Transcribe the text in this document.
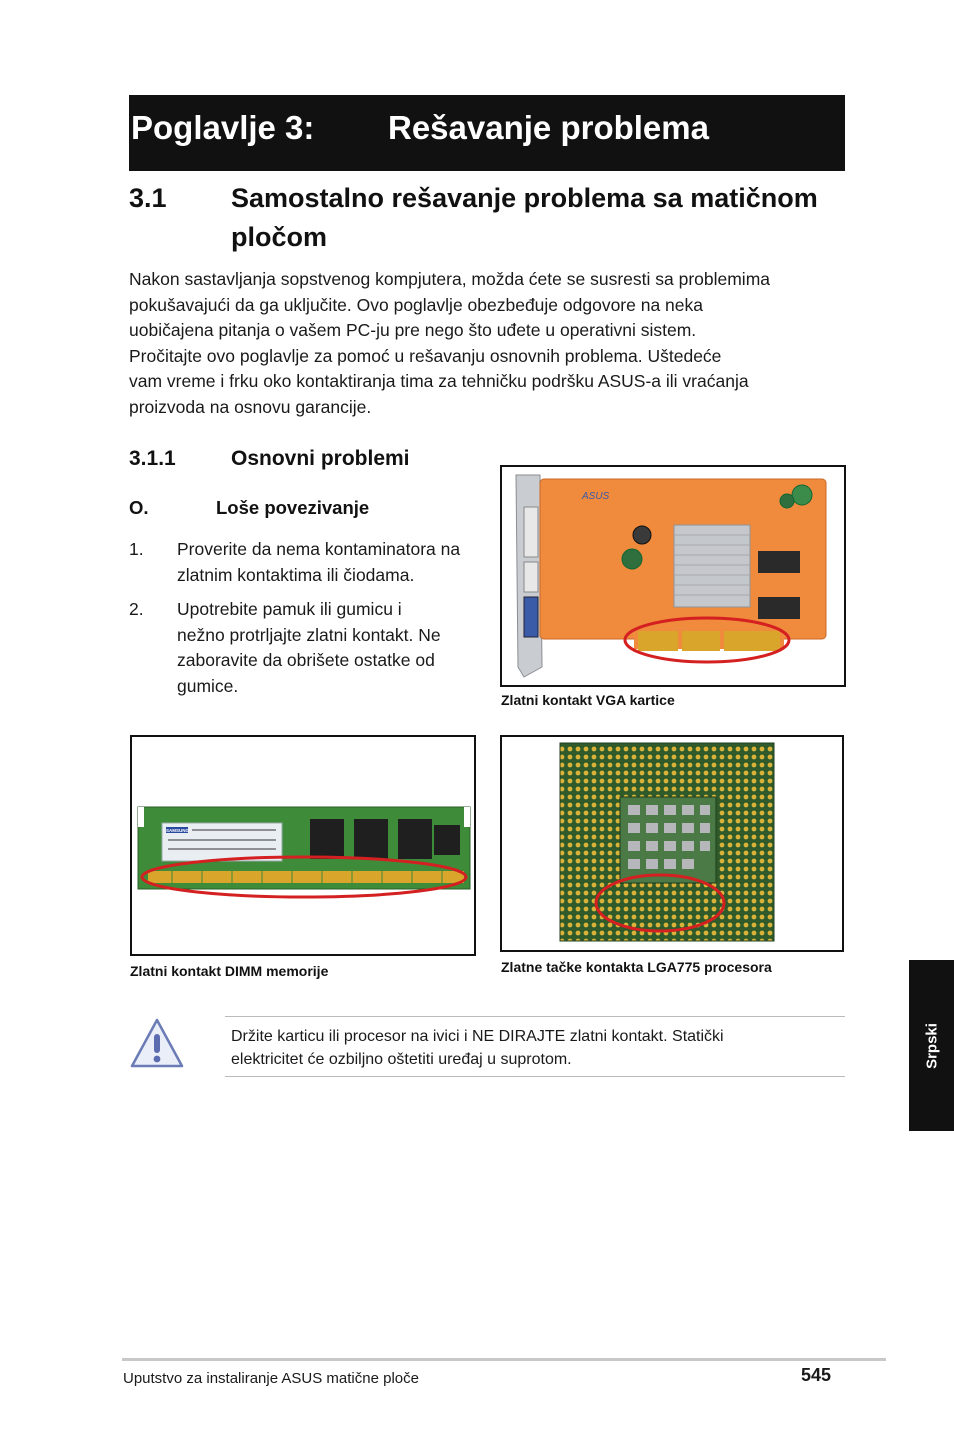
Poglavlje 3: Rešavanje problema
3.1 Samostalno rešavanje problema sa matičnom
pločom
Nakon sastavljanja sopstvenog kompjutera, možda ćete se susresti sa problemima
pokušavajući da ga uključite. Ovo poglavlje obezbeđuje odgovore na neka
uobičajena pitanja o vašem PC-ju pre nego što uđete u operativni sistem.
Pročitajte ovo poglavlje za pomoć u rešavanju osnovnih problema. Uštedeće
vam vreme i frku oko kontaktiranja tima za tehničku podršku ASUS-a ili vraćanja
proizvoda na osnovu garancije.
3.1.1	Osnovni problemi
O.	Loše povezivanje
1. Proverite da nema kontaminatora na
zlatnim kontaktima ili čiodama.
2. Upotrebite pamuk ili gumicu i
nežno protrljajte zlatni kontakt. Ne
zaboravite da obrišete ostatke od
gumice.
ASUS
Zlatni kontakt VGA kartice
SAMSUNG
Zlatni kontakt DIMM memorije	Zlatne tačke kontakta LGA775 procesora
Držite karticu ili procesor na ivici i NE DIRAJTE zlatni kontakt. Statički
elektricitet će ozbiljno oštetiti uređaj u suprotom.	Srpski
Uputstvo za instaliranje ASUS matične ploče	545
